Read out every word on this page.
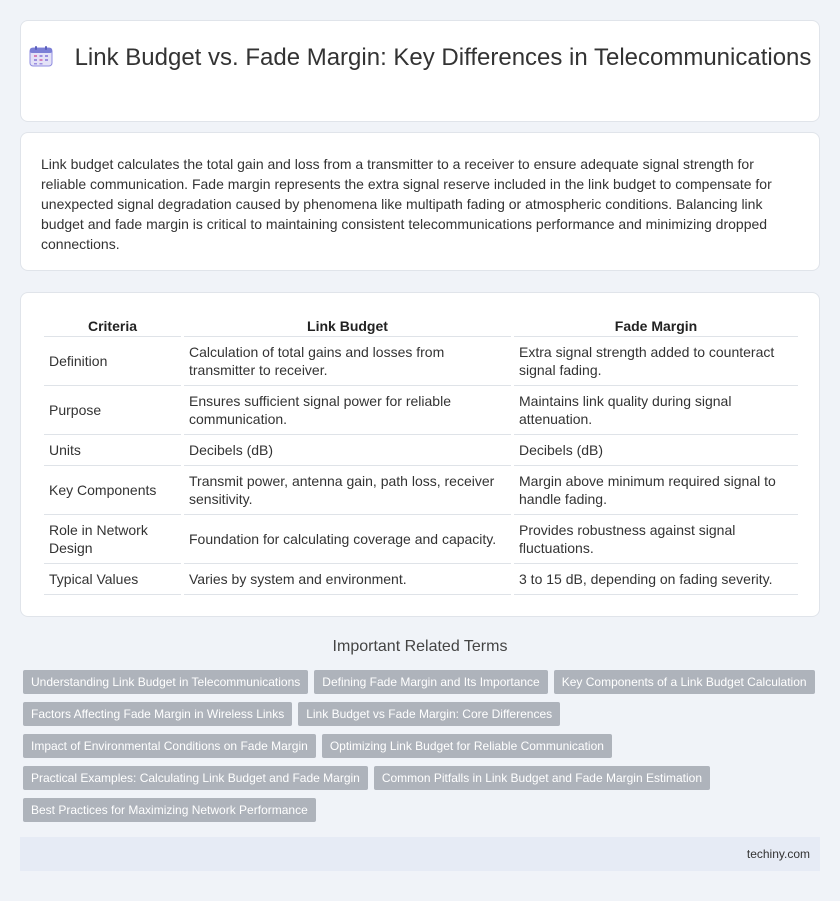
Link Budget vs. Fade Margin: Key Differences in Telecommunications

Link budget calculates the total gain and loss from a transmitter to a receiver to ensure adequate signal strength for reliable communication. Fade margin represents the extra signal reserve included in the link budget to compensate for unexpected signal degradation caused by phenomena like multipath fading or atmospheric conditions. Balancing link budget and fade margin is critical to maintaining consistent telecommunications performance and minimizing dropped connections.

Criteria	Link Budget	Fade Margin
Definition	Calculation of total gains and losses from transmitter to receiver.	Extra signal strength added to counteract signal fading.
Purpose	Ensures sufficient signal power for reliable communication.	Maintains link quality during signal attenuation.
Units	Decibels (dB)	Decibels (dB)
Key Components	Transmit power, antenna gain, path loss, receiver sensitivity.	Margin above minimum required signal to handle fading.
Role in Network Design	Foundation for calculating coverage and capacity.	Provides robustness against signal fluctuations.
Typical Values	Varies by system and environment.	3 to 15 dB, depending on fading severity.
Important Related Terms
Understanding Link Budget in Telecommunications Defining Fade Margin and Its Importance Key Components of a Link Budget Calculation
Factors Affecting Fade Margin in Wireless Links Link Budget vs Fade Margin: Core Differences
Impact of Environmental Conditions on Fade Margin Optimizing Link Budget for Reliable Communication
Practical Examples: Calculating Link Budget and Fade Margin Common Pitfalls in Link Budget and Fade Margin Estimation
Best Practices for Maximizing Network Performance
techiny.com
